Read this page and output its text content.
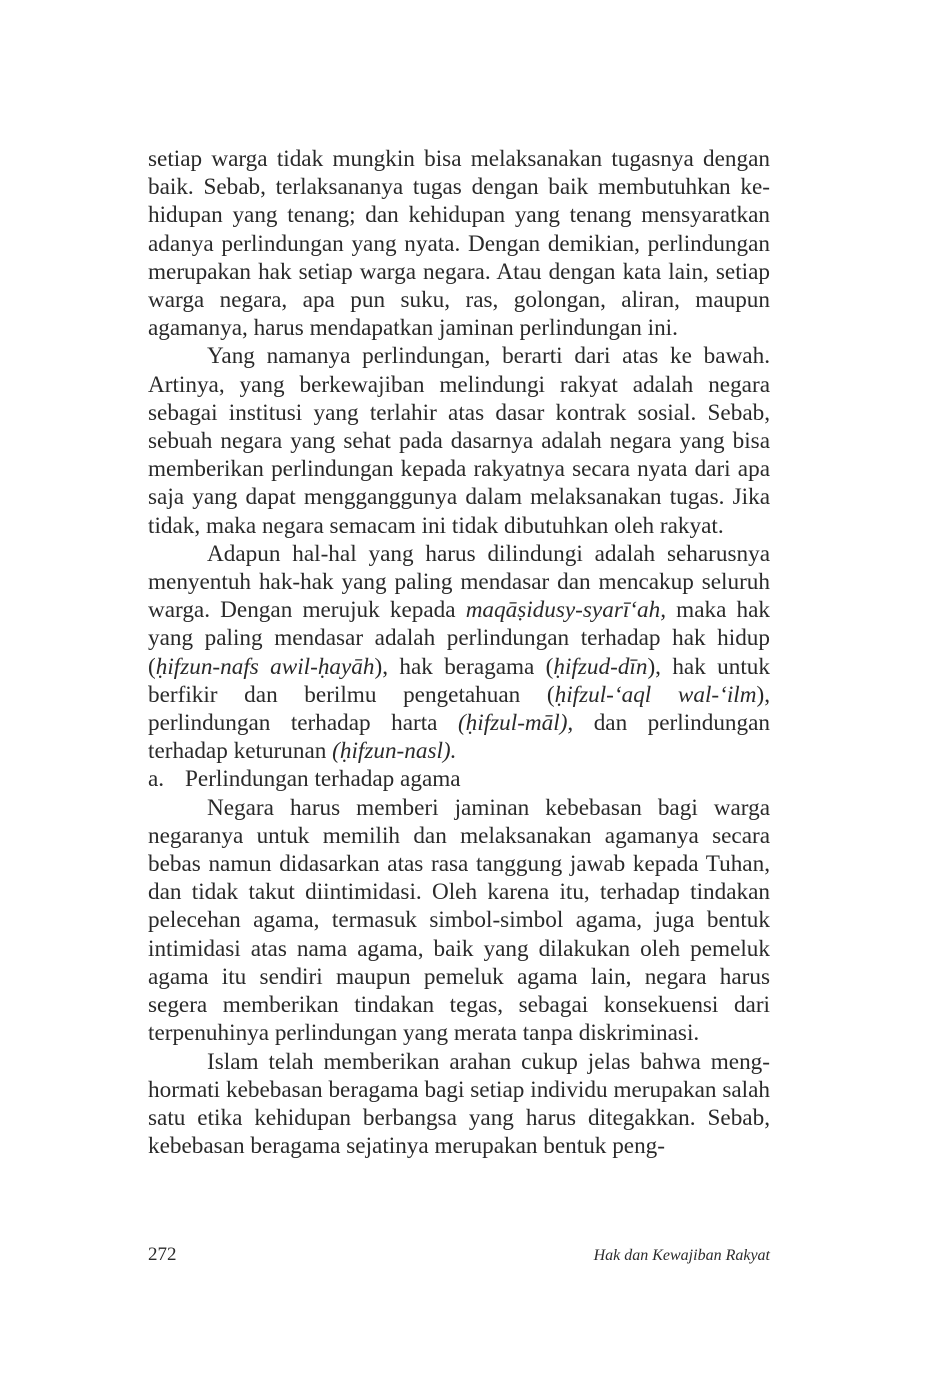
setiap warga tidak mungkin bisa melaksanakan tugasnya dengan baik. Sebab, terlaksananya tugas dengan baik membutuhkan kehidupan yang tenang; dan kehidupan yang tenang mensyaratkan adanya perlindungan yang nyata. Dengan demikian, perlindungan merupakan hak setiap warga negara. Atau dengan kata lain, setiap warga negara, apa pun suku, ras, golongan, aliran, maupun agamanya, harus mendapatkan jaminan perlindungan ini.

Yang namanya perlindungan, berarti dari atas ke bawah. Artinya, yang berkewajiban melindungi rakyat adalah negara sebagai institusi yang terlahir atas dasar kontrak sosial. Sebab, sebuah negara yang sehat pada dasarnya adalah negara yang bisa memberikan perlindungan kepada rakyatnya secara nyata dari apa saja yang dapat mengganggunya dalam melaksanakan tugas. Jika tidak, maka negara semacam ini tidak dibutuhkan oleh rakyat.

Adapun hal-hal yang harus dilindungi adalah seharusnya menyentuh hak-hak yang paling mendasar dan mencakup seluruh warga. Dengan merujuk kepada maqāṣidusy-syarī‘ah, maka hak yang paling mendasar adalah perlindungan terhadap hak hidup (ḥifzun-nafs awil-ḥayāh), hak beragama (ḥifzud-dīn), hak untuk berfikir dan berilmu pengetahuan (ḥifzul-‘aql wal-‘ilm), perlindungan terhadap harta (ḥifzul-māl), dan perlindungan terhadap keturunan (ḥifzun-nasl).

a. Perlindungan terhadap agama

Negara harus memberi jaminan kebebasan bagi warga negaranya untuk memilih dan melaksanakan agamanya secara bebas namun didasarkan atas rasa tanggung jawab kepada Tuhan, dan tidak takut diintimidasi. Oleh karena itu, terhadap tindakan pelecehan agama, termasuk simbol-simbol agama, juga bentuk intimidasi atas nama agama, baik yang dilakukan oleh pemeluk agama itu sendiri maupun pemeluk agama lain, negara harus segera memberikan tindakan tegas, sebagai konsekuensi dari terpenuhinya perlindungan yang merata tanpa diskriminasi.

Islam telah memberikan arahan cukup jelas bahwa menghormati kebebasan beragama bagi setiap individu merupakan salah satu etika kehidupan berbangsa yang harus ditegakkan. Sebab, kebebasan beragama sejatinya merupakan bentuk peng-

272	Hak dan Kewajiban Rakyat
